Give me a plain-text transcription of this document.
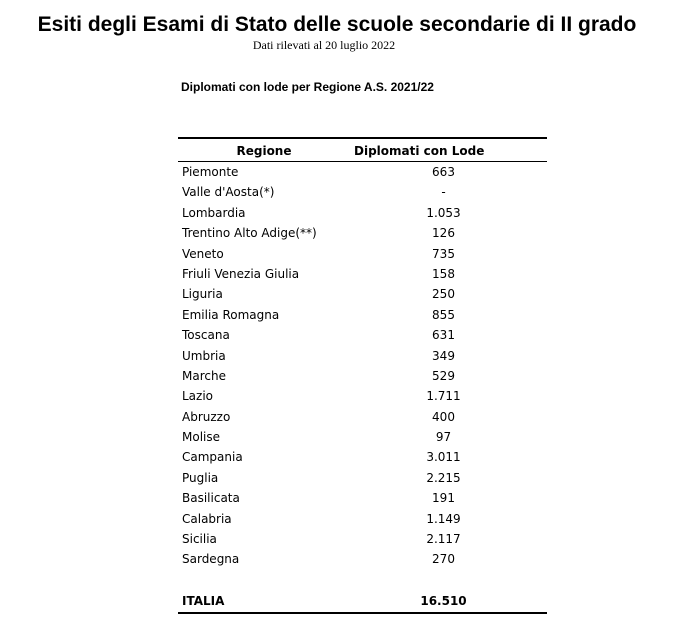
Esiti degli Esami di Stato delle scuole secondarie di II grado
Dati rilevati al 20 luglio 2022
Diplomati con lode per Regione A.S. 2021/22
Regione	Diplomati con Lode
Piemonte	663
Valle d'Aosta(*)	-
Lombardia	1.053
Trentino Alto Adige(**)	126
Veneto	735
Friuli Venezia Giulia	158
Liguria	250
Emilia Romagna	855
Toscana	631
Umbria	349
Marche	529
Lazio	1.711
Abruzzo	400
Molise	97
Campania	3.011
Puglia	2.215
Basilicata	191
Calabria	1.149
Sicilia	2.117
Sardegna	270
ITALIA	16.510
